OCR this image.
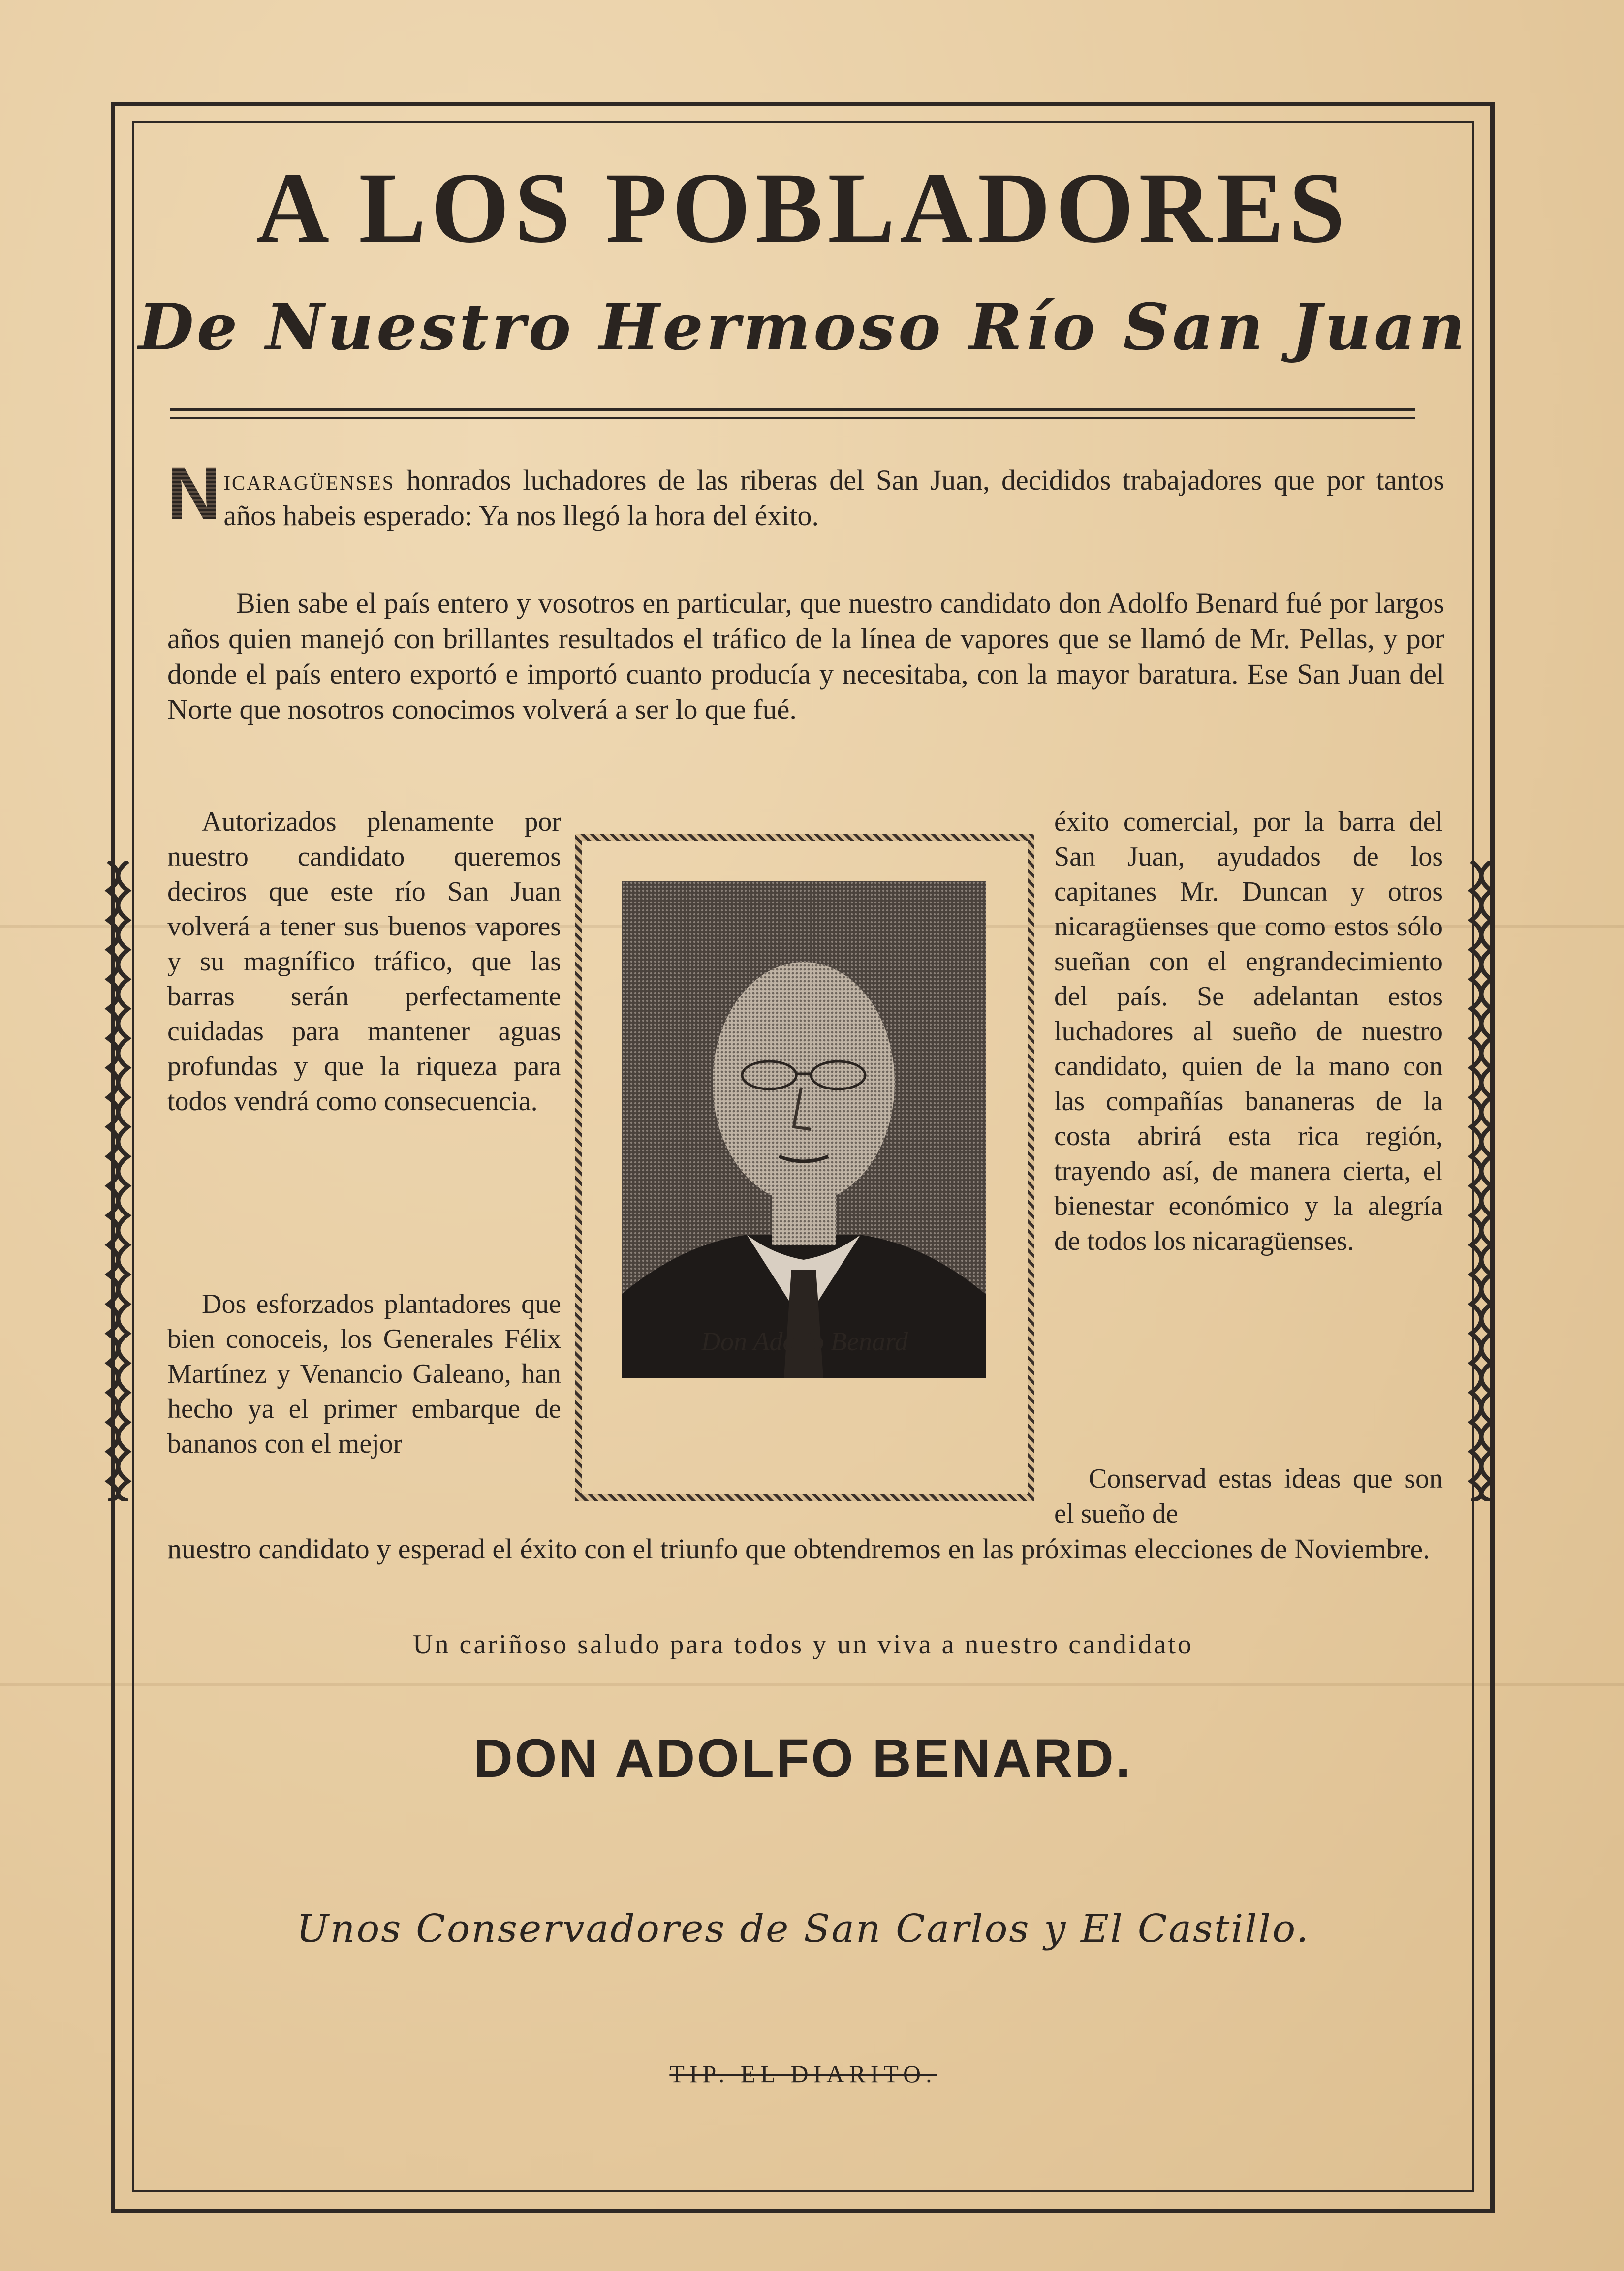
A LOS POBLADORES
De Nuestro Hermoso Río San Juan

N icaragüenses honrados luchadores de las riberas del San Juan, decididos trabajadores que por tantos años habeis esperado: Ya nos llegó la hora del éxito.

Bien sabe el país entero y vosotros en particular, que nuestro candidato don Adolfo Benard fué por largos años quien manejó con brillantes resultados el tráfico de la línea de vapores que se llamó de Mr. Pellas, y por donde el país entero exportó e importó cuanto producía y necesitaba, con la mayor baratura. Ese San Juan del Norte que nosotros conocimos volverá a ser lo que fué.

Autorizados plenamente por nuestro candidato queremos deciros que este río San Juan volverá a tener sus buenos vapores y su magnífico tráfico, que las barras serán perfectamente cuidadas para mantener aguas profundas y que la riqueza para todos vendrá como consecuencia.

Dos esforzados plantadores que bien conoceis, los Generales Félix Martínez y Venancio Galeano, han hecho ya el primer embarque de bananos con el mejor

Don Adolfo Benard

éxito comercial, por la barra del San Juan, ayudados de los capitanes Mr. Duncan y otros nicaragüenses que como estos sólo sueñan con el engrandecimiento del país. Se adelantan estos luchadores al sueño de nuestro candidato, quien de la mano con las compañías bananeras de la costa abrirá esta rica región, trayendo así, de manera cierta, el bienestar económico y la alegría de todos los nicaragüenses.

Conservad estas ideas que son el sueño de

nuestro candidato y esperad el éxito con el triunfo que obtendremos en las próximas elecciones de Noviembre.

Un cariñoso saludo para todos y un viva a nuestro candidato

DON ADOLFO BENARD.

Unos Conservadores de San Carlos y El Castillo.

TIP. EL DIARITO.
